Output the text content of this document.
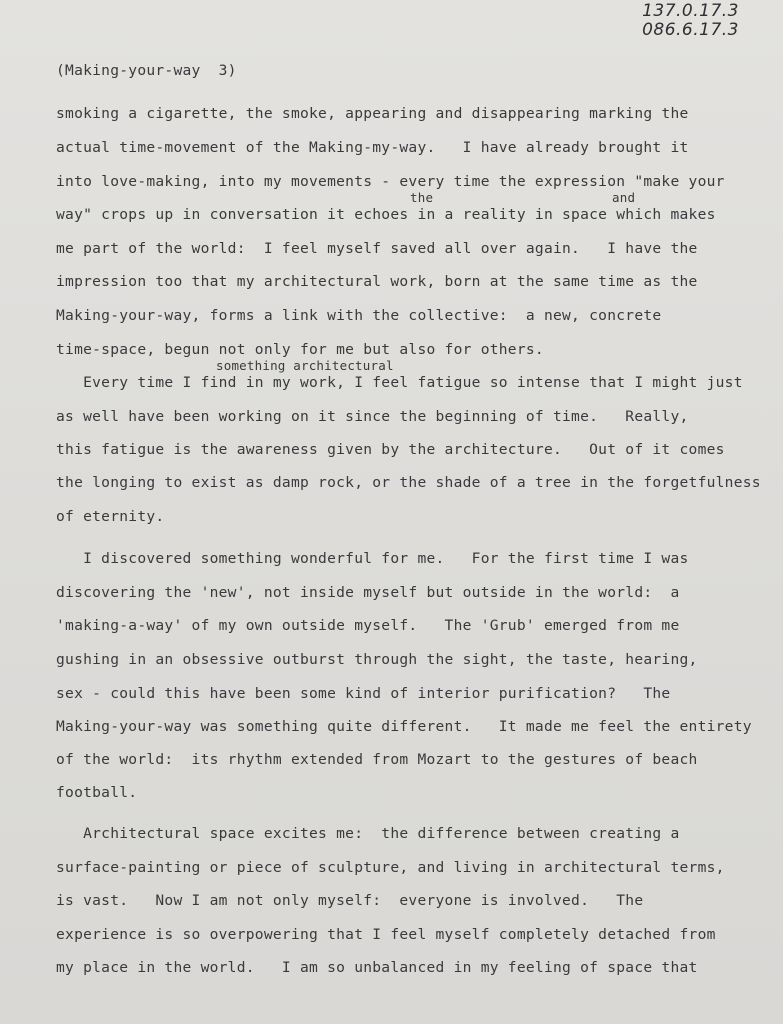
137.0.17.3
086.6.17.3
(Making-your-way  3)
smoking a cigarette, the smoke, appearing and disappearing marking the
actual time-movement of the Making-my-way.   I have already brought it
into love-making, into my movements - every time the expression "make your
the	and
way" crops up in conversation it echoes in a reality in space which makes
me part of the world:  I feel myself saved all over again.   I have the
impression too that my architectural work, born at the same time as the
Making-your-way, forms a link with the collective:  a new, concrete
time-space, begun not only for me but also for others.
something architectural
Every time I find in my work, I feel fatigue so intense that I might just
as well have been working on it since the beginning of time.   Really,
this fatigue is the awareness given by the architecture.   Out of it comes
the longing to exist as damp rock, or the shade of a tree in the forgetfulness
of eternity.
I discovered something wonderful for me.   For the first time I was
discovering the 'new', not inside myself but outside in the world:  a
'making-a-way' of my own outside myself.   The 'Grub' emerged from me
gushing in an obsessive outburst through the sight, the taste, hearing,
sex - could this have been some kind of interior purification?   The
Making-your-way was something quite different.   It made me feel the entirety
of the world:  its rhythm extended from Mozart to the gestures of beach
football.
Architectural space excites me:  the difference between creating a
surface-painting or piece of sculpture, and living in architectural terms,
is vast.   Now I am not only myself:  everyone is involved.   The
experience is so overpowering that I feel myself completely detached from
my place in the world.   I am so unbalanced in my feeling of space that
